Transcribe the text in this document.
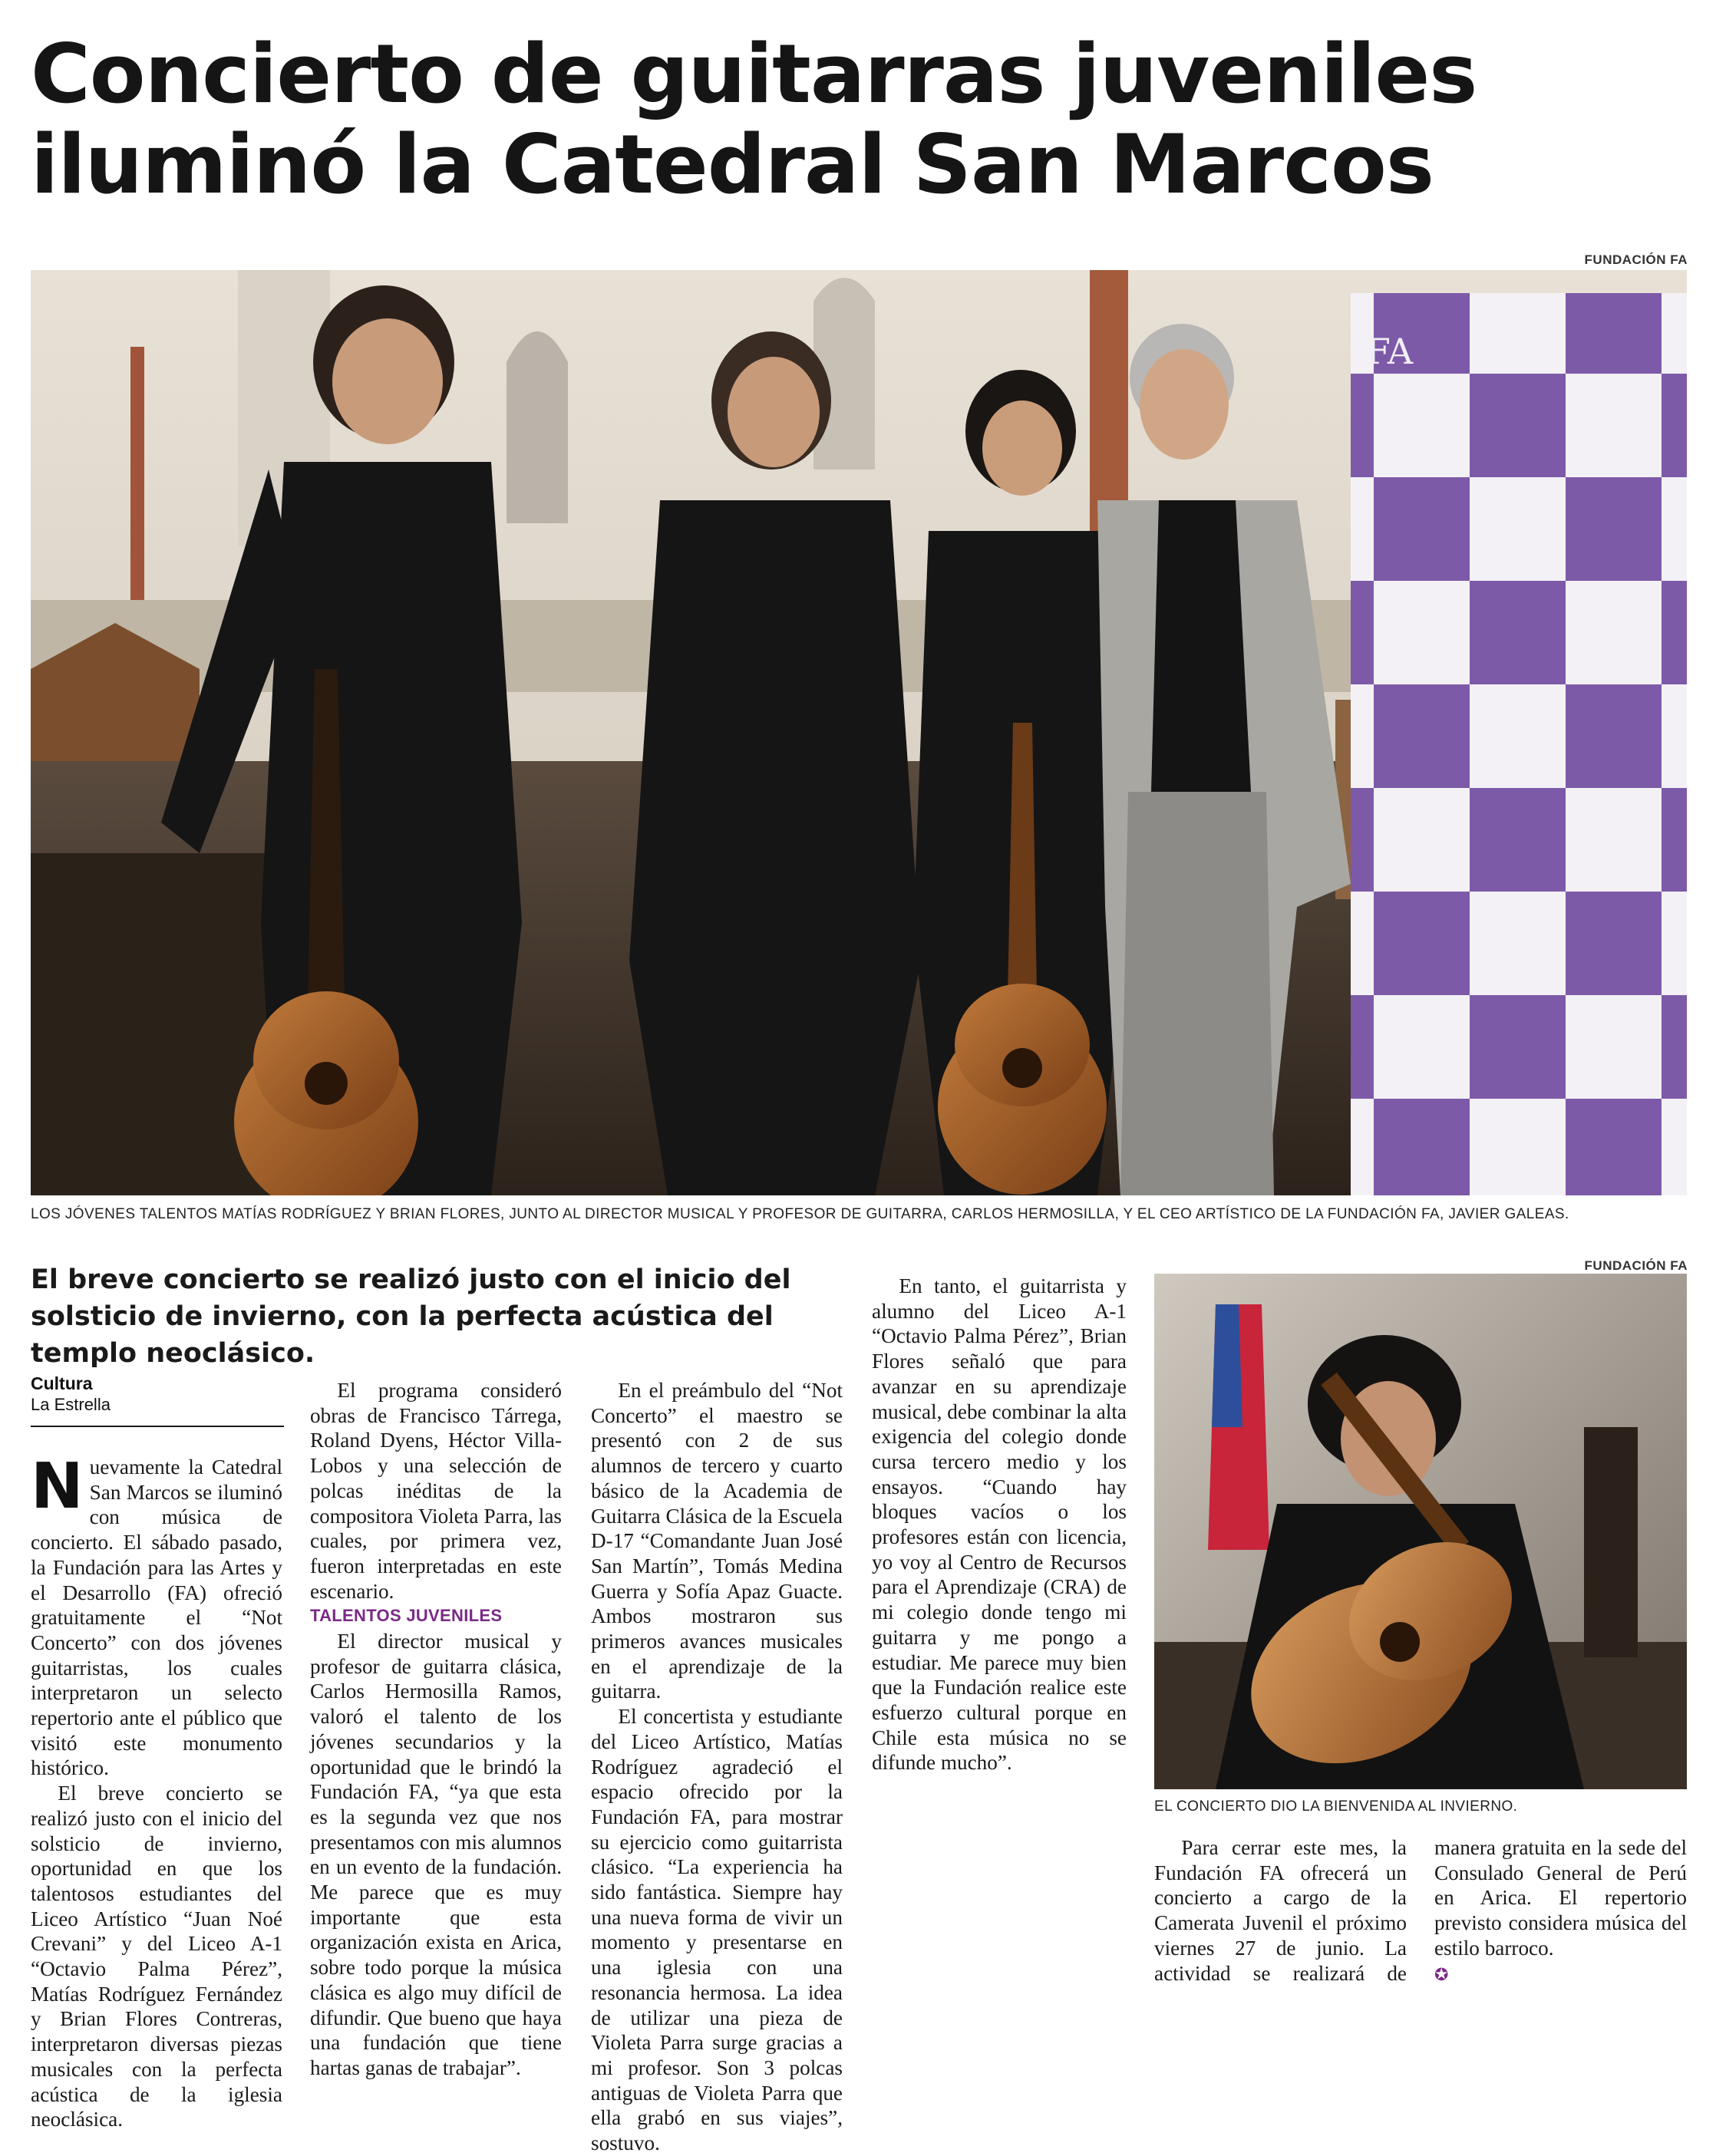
Concierto de guitarras juveniles iluminó la Catedral San Marcos
FUNDACIÓN FA
FA
LOS JÓVENES TALENTOS MATÍAS RODRÍGUEZ Y BRIAN FLORES, JUNTO AL DIRECTOR MUSICAL Y PROFESOR DE GUITARRA, CARLOS HERMOSILLA, Y EL CEO ARTÍSTICO DE LA FUNDACIÓN FA, JAVIER GALEAS.
FUNDACIÓN FA
EL CONCIERTO DIO LA BIENVENIDA AL INVIERNO.
El breve concierto se realizó justo con el inicio del solsticio de invierno, con la perfecta acústica del templo neoclásico.
Cultura
La Estrella

Nuevamente la Catedral San Marcos se iluminó con música de concierto. El sábado pasado, la Fundación para las Artes y el Desarrollo (FA) ofreció gratuitamente el “Not Concerto” con dos jóvenes guitarristas, los cuales interpretaron un selecto repertorio ante el público que visitó este monumento histórico.

El breve concierto se realizó justo con el inicio del solsticio de invierno, oportunidad en que los talentosos estudiantes del Liceo Artístico “Juan Noé Crevani” y del Liceo A-1 “Octavio Palma Pérez”, Matías Rodríguez Fernández y Brian Flores Contreras, interpretaron diversas piezas musicales con la perfecta acústica de la iglesia neoclásica.

El programa consideró obras de Francisco Tárrega, Roland Dyens, Héctor Villa-Lobos y una selección de polcas inéditas de la compositora Violeta Parra, las cuales, por primera vez, fueron interpretadas en este escenario.

TALENTOS JUVENILES

El director musical y profesor de guitarra clásica, Carlos Hermosilla Ramos, valoró el talento de los jóvenes secundarios y la oportunidad que le brindó la Fundación FA, “ya que esta es la segunda vez que nos presentamos con mis alumnos en un evento de la fundación. Me parece que es muy importante que esta organización exista en Arica, sobre todo porque la música clásica es algo muy difícil de difundir. Que bueno que haya una fundación que tiene hartas ganas de trabajar”.

En el preámbulo del “Not Concerto” el maestro se presentó con 2 de sus alumnos de tercero y cuarto básico de la Academia de Guitarra Clásica de la Escuela D-17 “Comandante Juan José San Martín”, Tomás Medina Guerra y Sofía Apaz Guacte. Ambos mostraron sus primeros avances musicales en el aprendizaje de la guitarra.

El concertista y estudiante del Liceo Artístico, Matías Rodríguez agradeció el espacio ofrecido por la Fundación FA, para mostrar su ejercicio como guitarrista clásico. “La experiencia ha sido fantástica. Siempre hay una nueva forma de vivir un momento y presentarse en una iglesia con una resonancia hermosa. La idea de utilizar una pieza de Violeta Parra surge gracias a mi profesor. Son 3 polcas antiguas de Violeta Parra que ella grabó en sus viajes”, sostuvo.

En tanto, el guitarrista y alumno del Liceo A-1 “Octavio Palma Pérez”, Brian Flores señaló que para avanzar en su aprendizaje musical, debe combinar la alta exigencia del colegio donde cursa tercero medio y los ensayos. “Cuando hay bloques vacíos o los profesores están con licencia, yo voy al Centro de Recursos para el Aprendizaje (CRA) de mi colegio donde tengo mi guitarra y me pongo a estudiar. Me parece muy bien que la Fundación realice este esfuerzo cultural porque en Chile esta música no se difunde mucho”.

Para cerrar este mes, la Fundación FA ofrecerá un concierto a cargo de la Camerata Juvenil el próximo viernes 27 de junio. La actividad se realizará de manera gratuita en la sede del Consulado General de Perú en Arica. El repertorio previsto considera música del estilo barroco.

✪
